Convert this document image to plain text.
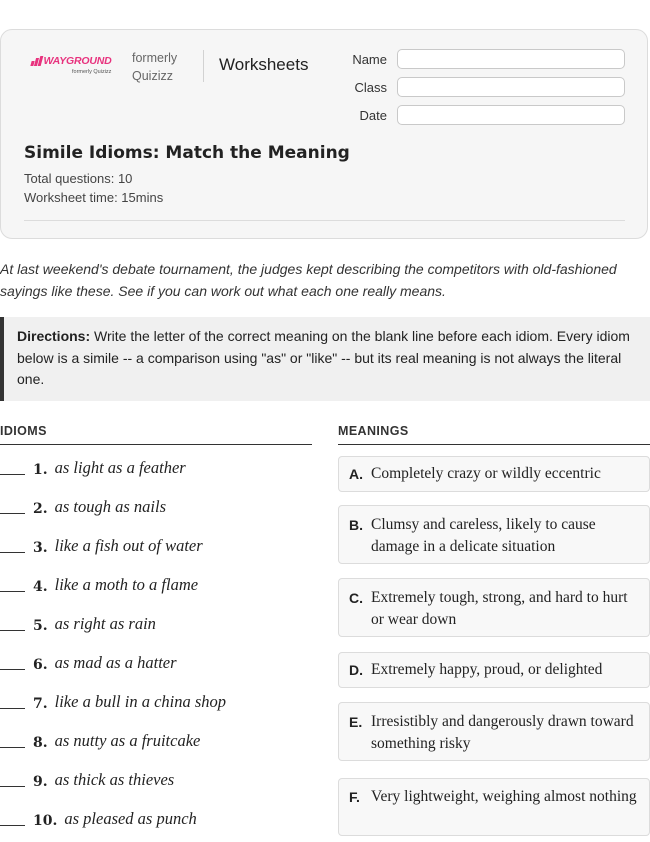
WAYGROUND
formerly Quizizz
formerly Quizizz
Worksheets	Name
Class
Date
Simile Idioms: Match the Meaning
Total questions: 10
Worksheet time: 15mins
At last weekend's debate tournament, the judges kept describing the competitors with old-fashioned sayings like these. See if you can work out what each one really means.
Directions: Write the letter of the correct meaning on the blank line before each idiom. Every idiom below is a simile -- a comparison using "as" or "like" -- but its real meaning is not always the literal one.
IDIOMS	MEANINGS
1. as light as a feather
2. as tough as nails
3. like a fish out of water
4. like a moth to a flame
5. as right as rain
6. as mad as a hatter
7. like a bull in a china shop
8. as nutty as a fruitcake
9. as thick as thieves
10. as pleased as punch
A. Completely crazy or wildly eccentric
B. Clumsy and careless, likely to cause damage in a delicate situation
C. Extremely tough, strong, and hard to hurt or wear down
D. Extremely happy, proud, or delighted
E. Irresistibly and dangerously drawn toward something risky
F. Very lightweight, weighing almost nothing
